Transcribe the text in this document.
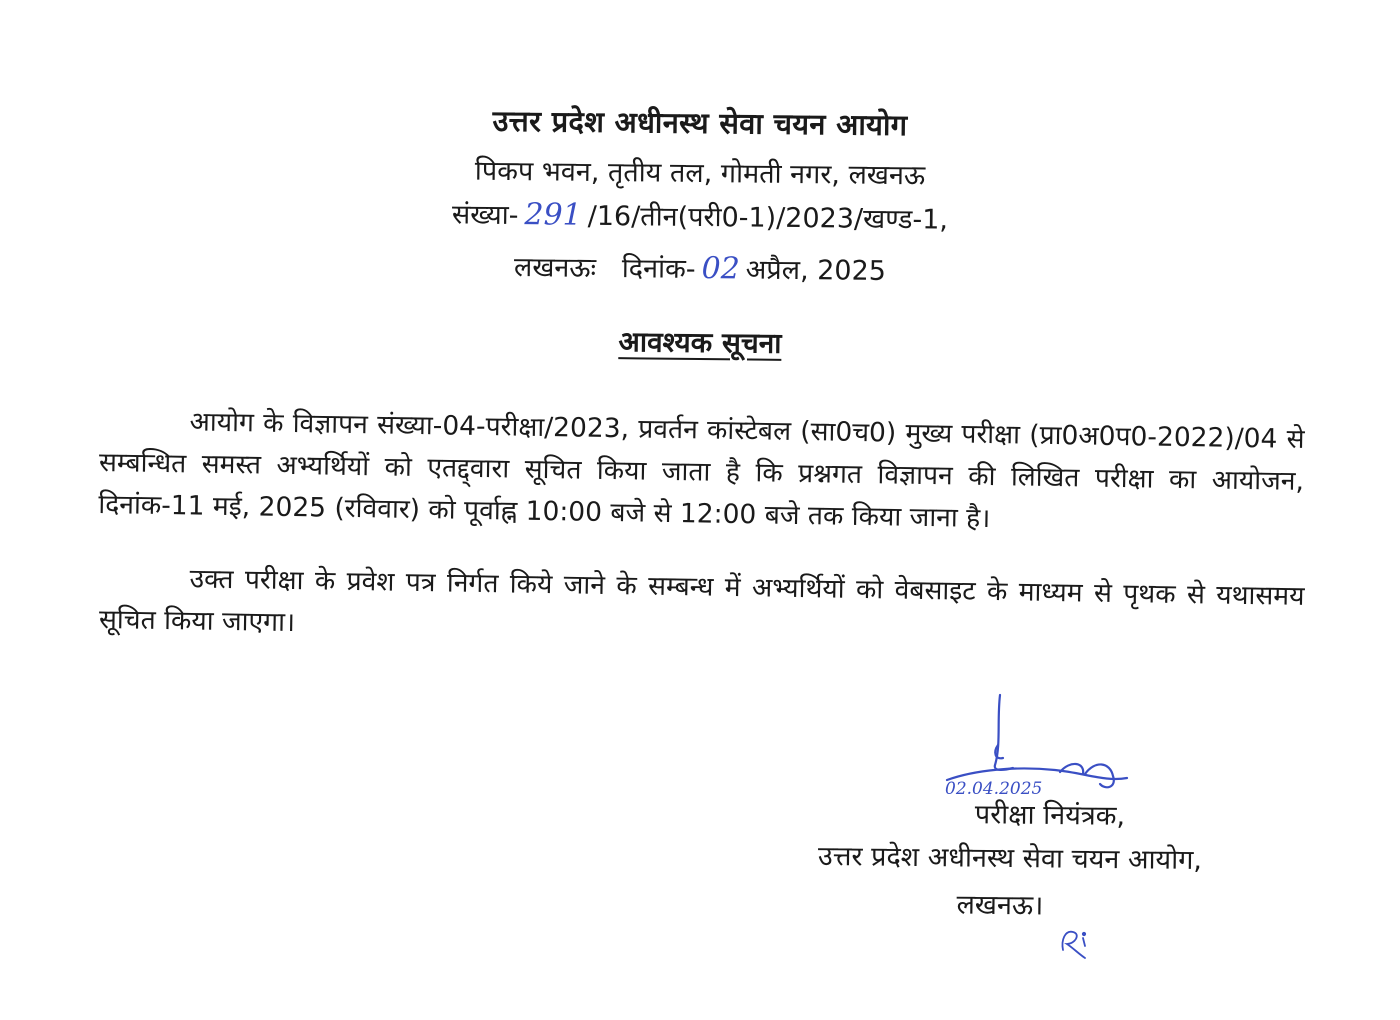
उत्तर प्रदेश अधीनस्थ सेवा चयन आयोग
पिकप भवन, तृतीय तल, गोमती नगर, लखनऊ
संख्या- 291 /16/तीन(परी0-1)/2023/खण्ड-1,
लखनऊः दिनांक- 02 अप्रैल, 2025
आवश्यक सूचना

आयोग के विज्ञापन संख्या-04-परीक्षा/2023, प्रवर्तन कांस्टेबल (सा0च0) मुख्य परीक्षा (प्रा0अ0प0-2022)/04 से सम्बन्धित समस्त अभ्यर्थियों को एतद्द्वारा सूचित किया जाता है कि प्रश्नगत विज्ञापन की लिखित परीक्षा का आयोजन, दिनांक-11 मई, 2025 (रविवार) को पूर्वाह्न 10:00 बजे से 12:00 बजे तक किया जाना है।

उक्त परीक्षा के प्रवेश पत्र निर्गत किये जाने के सम्बन्ध में अभ्यर्थियों को वेबसाइट के माध्यम से पृथक से यथासमय सूचित किया जाएगा।

02.04.2025
परीक्षा नियंत्रक,
उत्तर प्रदेश अधीनस्थ सेवा चयन आयोग,
लखनऊ।
